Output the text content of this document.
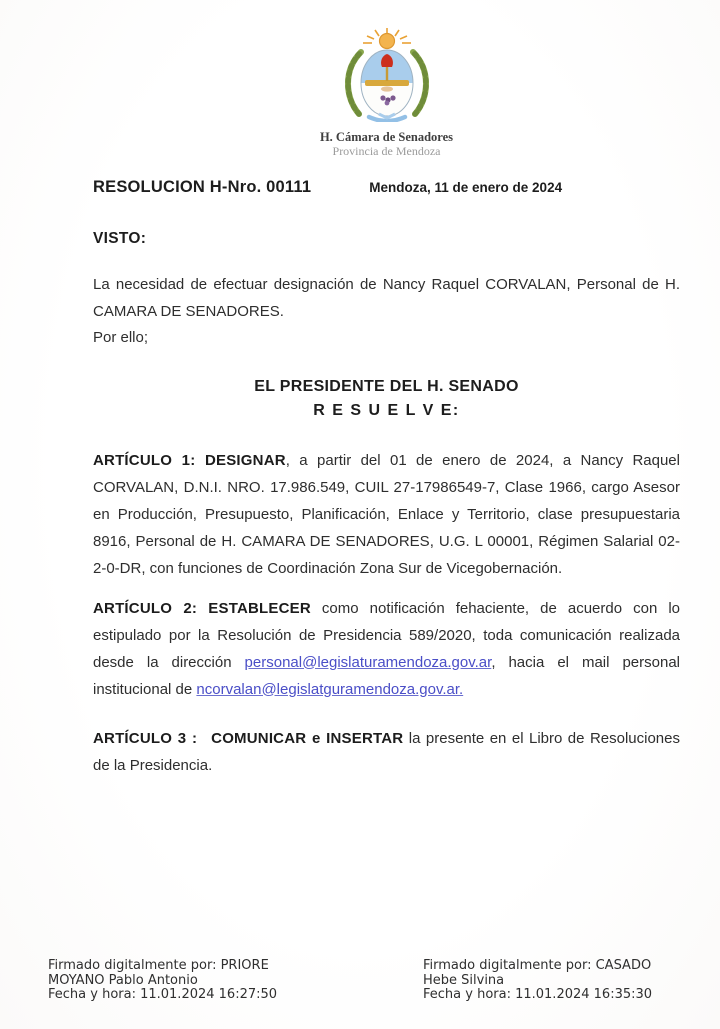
H. Cámara de Senadores
Provincia de Mendoza
RESOLUCION H-Nro. 00111	Mendoza, 11 de enero de 2024
VISTO:

La necesidad de efectuar designación de Nancy Raquel CORVALAN, Personal de H. CAMARA DE SENADORES.

Por ello;

EL PRESIDENTE DEL H. SENADO
R E S U E L V E:

ARTÍCULO 1: DESIGNAR, a partir del 01 de enero de 2024, a Nancy Raquel CORVALAN, D.N.I. NRO. 17.986.549, CUIL 27-17986549-7, Clase 1966, cargo Asesor en Producción, Presupuesto, Planificación, Enlace y Territorio, clase presupuestaria 8916, Personal de H. CAMARA DE SENADORES, U.G. L 00001, Régimen Salarial 02-2-0-DR, con funciones de Coordinación Zona Sur de Vicegobernación.

ARTÍCULO 2: ESTABLECER como notificación fehaciente, de acuerdo con lo estipulado por la Resolución de Presidencia 589/2020, toda comunicación realizada desde la dirección personal@legislaturamendoza.gov.ar, hacia el mail personal institucional de ncorvalan@legislatguramendoza.gov.ar.

ARTÍCULO 3 : COMUNICAR e INSERTAR la presente en el Libro de Resoluciones de la Presidencia.

Firmado digitalmente por: PRIORE
MOYANO Pablo Antonio
Fecha y hora: 11.01.2024 16:27:50
Firmado digitalmente por: CASADO
Hebe Silvina
Fecha y hora: 11.01.2024 16:35:30
